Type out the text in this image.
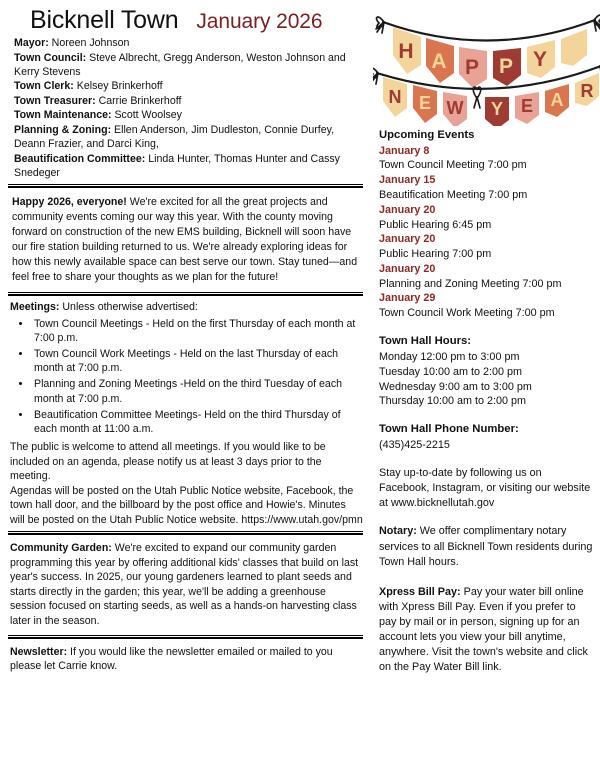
Bicknell Town January 2026
Mayor: Noreen Johnson
Town Council: Steve Albrecht, Gregg Anderson, Weston Johnson and Kerry Stevens
Town Clerk: Kelsey Brinkerhoff
Town Treasurer: Carrie Brinkerhoff
Town Maintenance: Scott Woolsey
Planning & Zoning: Ellen Anderson, Jim Dudleston, Connie Durfey, Deann Frazier, and Darci King,
Beautification Committee: Linda Hunter, Thomas Hunter and Cassy Snedeger

Happy 2026, everyone! We're excited for all the great projects and community events coming our way this year. With the county moving forward on construction of the new EMS building, Bicknell will soon have our fire station building returned to us. We're already exploring ideas for how this newly available space can best serve our town. Stay tuned—and feel free to share your thoughts as we plan for the future!

Meetings: Unless otherwise advertised:
• Town Council Meetings - Held on the first Thursday of each month at 7:00 p.m.
• Town Council Work Meetings - Held on the last Thursday of each month at 7:00 p.m.
• Planning and Zoning Meetings -Held on the third Tuesday of each month at 7:00 p.m.
• Beautification Committee Meetings- Held on the third Thursday of each month at 11:00 a.m.

The public is welcome to attend all meetings. If you would like to be included on an agenda, please notify us at least 3 days prior to the meeting.

Agendas will be posted on the Utah Public Notice website, Facebook, the town hall door, and the billboard by the post office and Howie's. Minutes will be posted on the Utah Public Notice website. https://www.utah.gov/pmn

Community Garden: We're excited to expand our community garden programming this year by offering additional kids' classes that build on last year's success. In 2025, our young gardeners learned to plant seeds and starts directly in the garden; this year, we'll be adding a greenhouse session focused on starting seeds, as well as a hands-on harvesting class later in the season.

Newsletter: If you would like the newsletter emailed or mailed to you please let Carrie know.

H A P P Y
N E W Y E A R
Upcoming Events
January 8
Town Council Meeting 7:00 pm
January 15
Beautification Meeting 7:00 pm
January 20
Public Hearing 6:45 pm
January 20
Public Hearing 7:00 pm
January 20
Planning and Zoning Meeting 7:00 pm
January 29
Town Council Work Meeting 7:00 pm
Town Hall Hours:
Monday 12:00 pm to 3:00 pm
Tuesday 10:00 am to 2:00 pm
Wednesday 9:00 am to 3:00 pm
Thursday 10:00 am to 2:00 pm
Town Hall Phone Number:
(435)425-2215
Stay up-to-date by following us on Facebook, Instagram, or visiting our website at www.bicknellutah.gov
Notary: We offer complimentary notary services to all Bicknell Town residents during Town Hall hours.
Xpress Bill Pay: Pay your water bill online with Xpress Bill Pay. Even if you prefer to pay by mail or in person, signing up for an account lets you view your bill anytime, anywhere. Visit the town's website and click on the Pay Water Bill link.
